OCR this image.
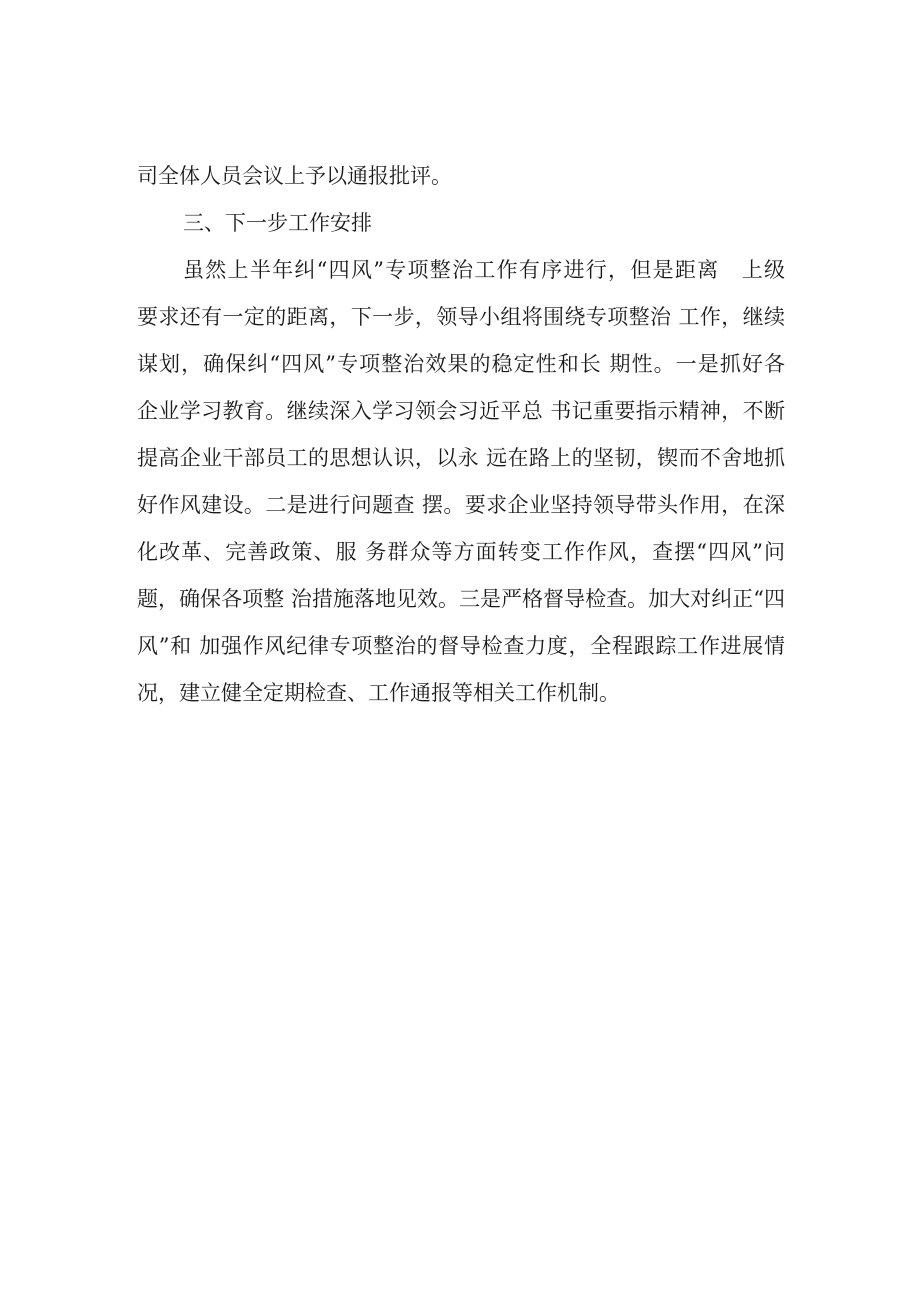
司全体人员会议上予以通报批评。
三、下一步工作安排
虽然上半年纠“四风”专项整治工作有序进行，但是距离　上级
要求还有一定的距离，下一步，领导小组将围绕专项整治 工作，继续
谋划，确保纠“四风”专项整治效果的稳定性和长 期性。一是抓好各
企业学习教育。继续深入学习领会习近平总 书记重要指示精神，不断
提高企业干部员工的思想认识，以永 远在路上的坚韧，锲而不舍地抓
好作风建设。二是进行问题查 摆。要求企业坚持领导带头作用，在深
化改革、完善政策、服 务群众等方面转变工作作风，查摆“四风”问
题，确保各项整 治措施落地见效。三是严格督导检查。加大对纠正“四
风”和 加强作风纪律专项整治的督导检查力度，全程跟踪工作进展情
况，建立健全定期检查、工作通报等相关工作机制。
